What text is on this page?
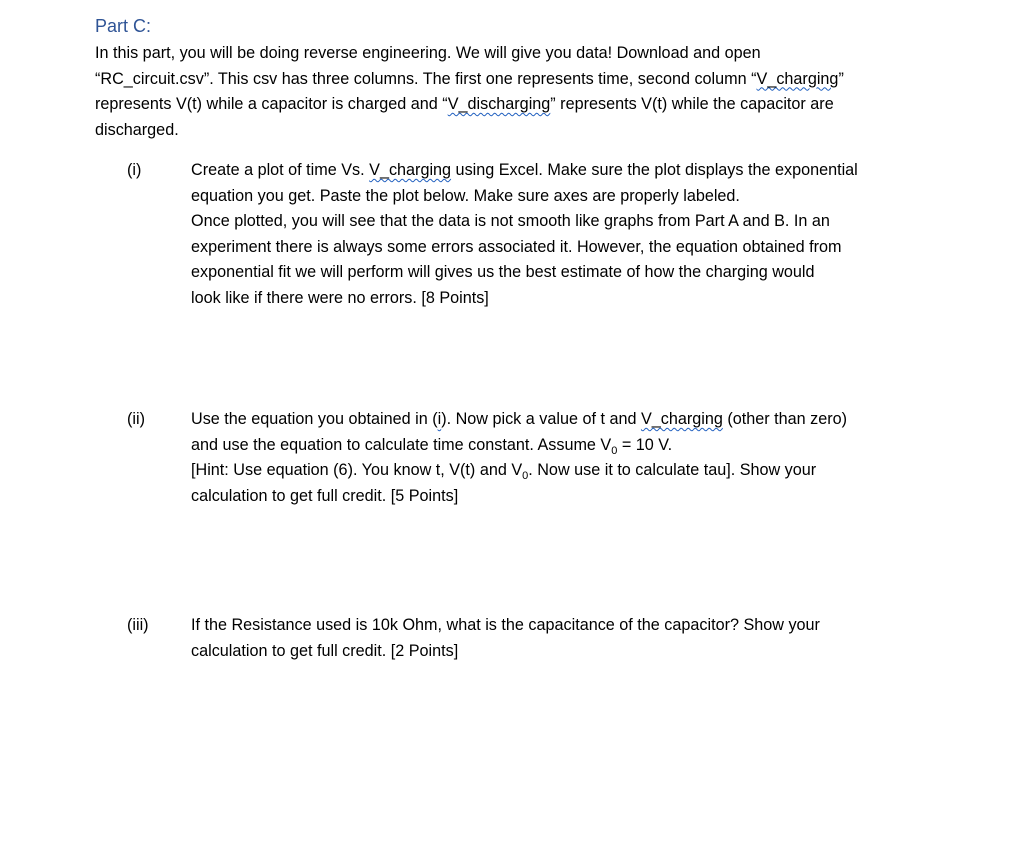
Part C:
In this part, you will be doing reverse engineering. We will give you data! Download and open
“RC_circuit.csv”. This csv has three columns. The first one represents time, second column “V_charging”
represents V(t) while a capacitor is charged and “V_discharging” represents V(t) while the capacitor are
discharged.
(i)	Create a plot of time Vs. V_charging using Excel. Make sure the plot displays the exponential
equation you get. Paste the plot below. Make sure axes are properly labeled.
Once plotted, you will see that the data is not smooth like graphs from Part A and B. In an
experiment there is always some errors associated it. However, the equation obtained from
exponential fit we will perform will gives us the best estimate of how the charging would
look like if there were no errors. [8 Points]
(ii)	Use the equation you obtained in (i). Now pick a value of t and V_charging (other than zero)
and use the equation to calculate time constant. Assume $V_0 = 10$ V.
[Hint: Use equation (6). You know t, V(t) and $V_0$. Now use it to calculate tau]. Show your
calculation to get full credit. [5 Points]
(iii)	If the Resistance used is 10k Ohm, what is the capacitance of the capacitor? Show your
calculation to get full credit. [2 Points]
